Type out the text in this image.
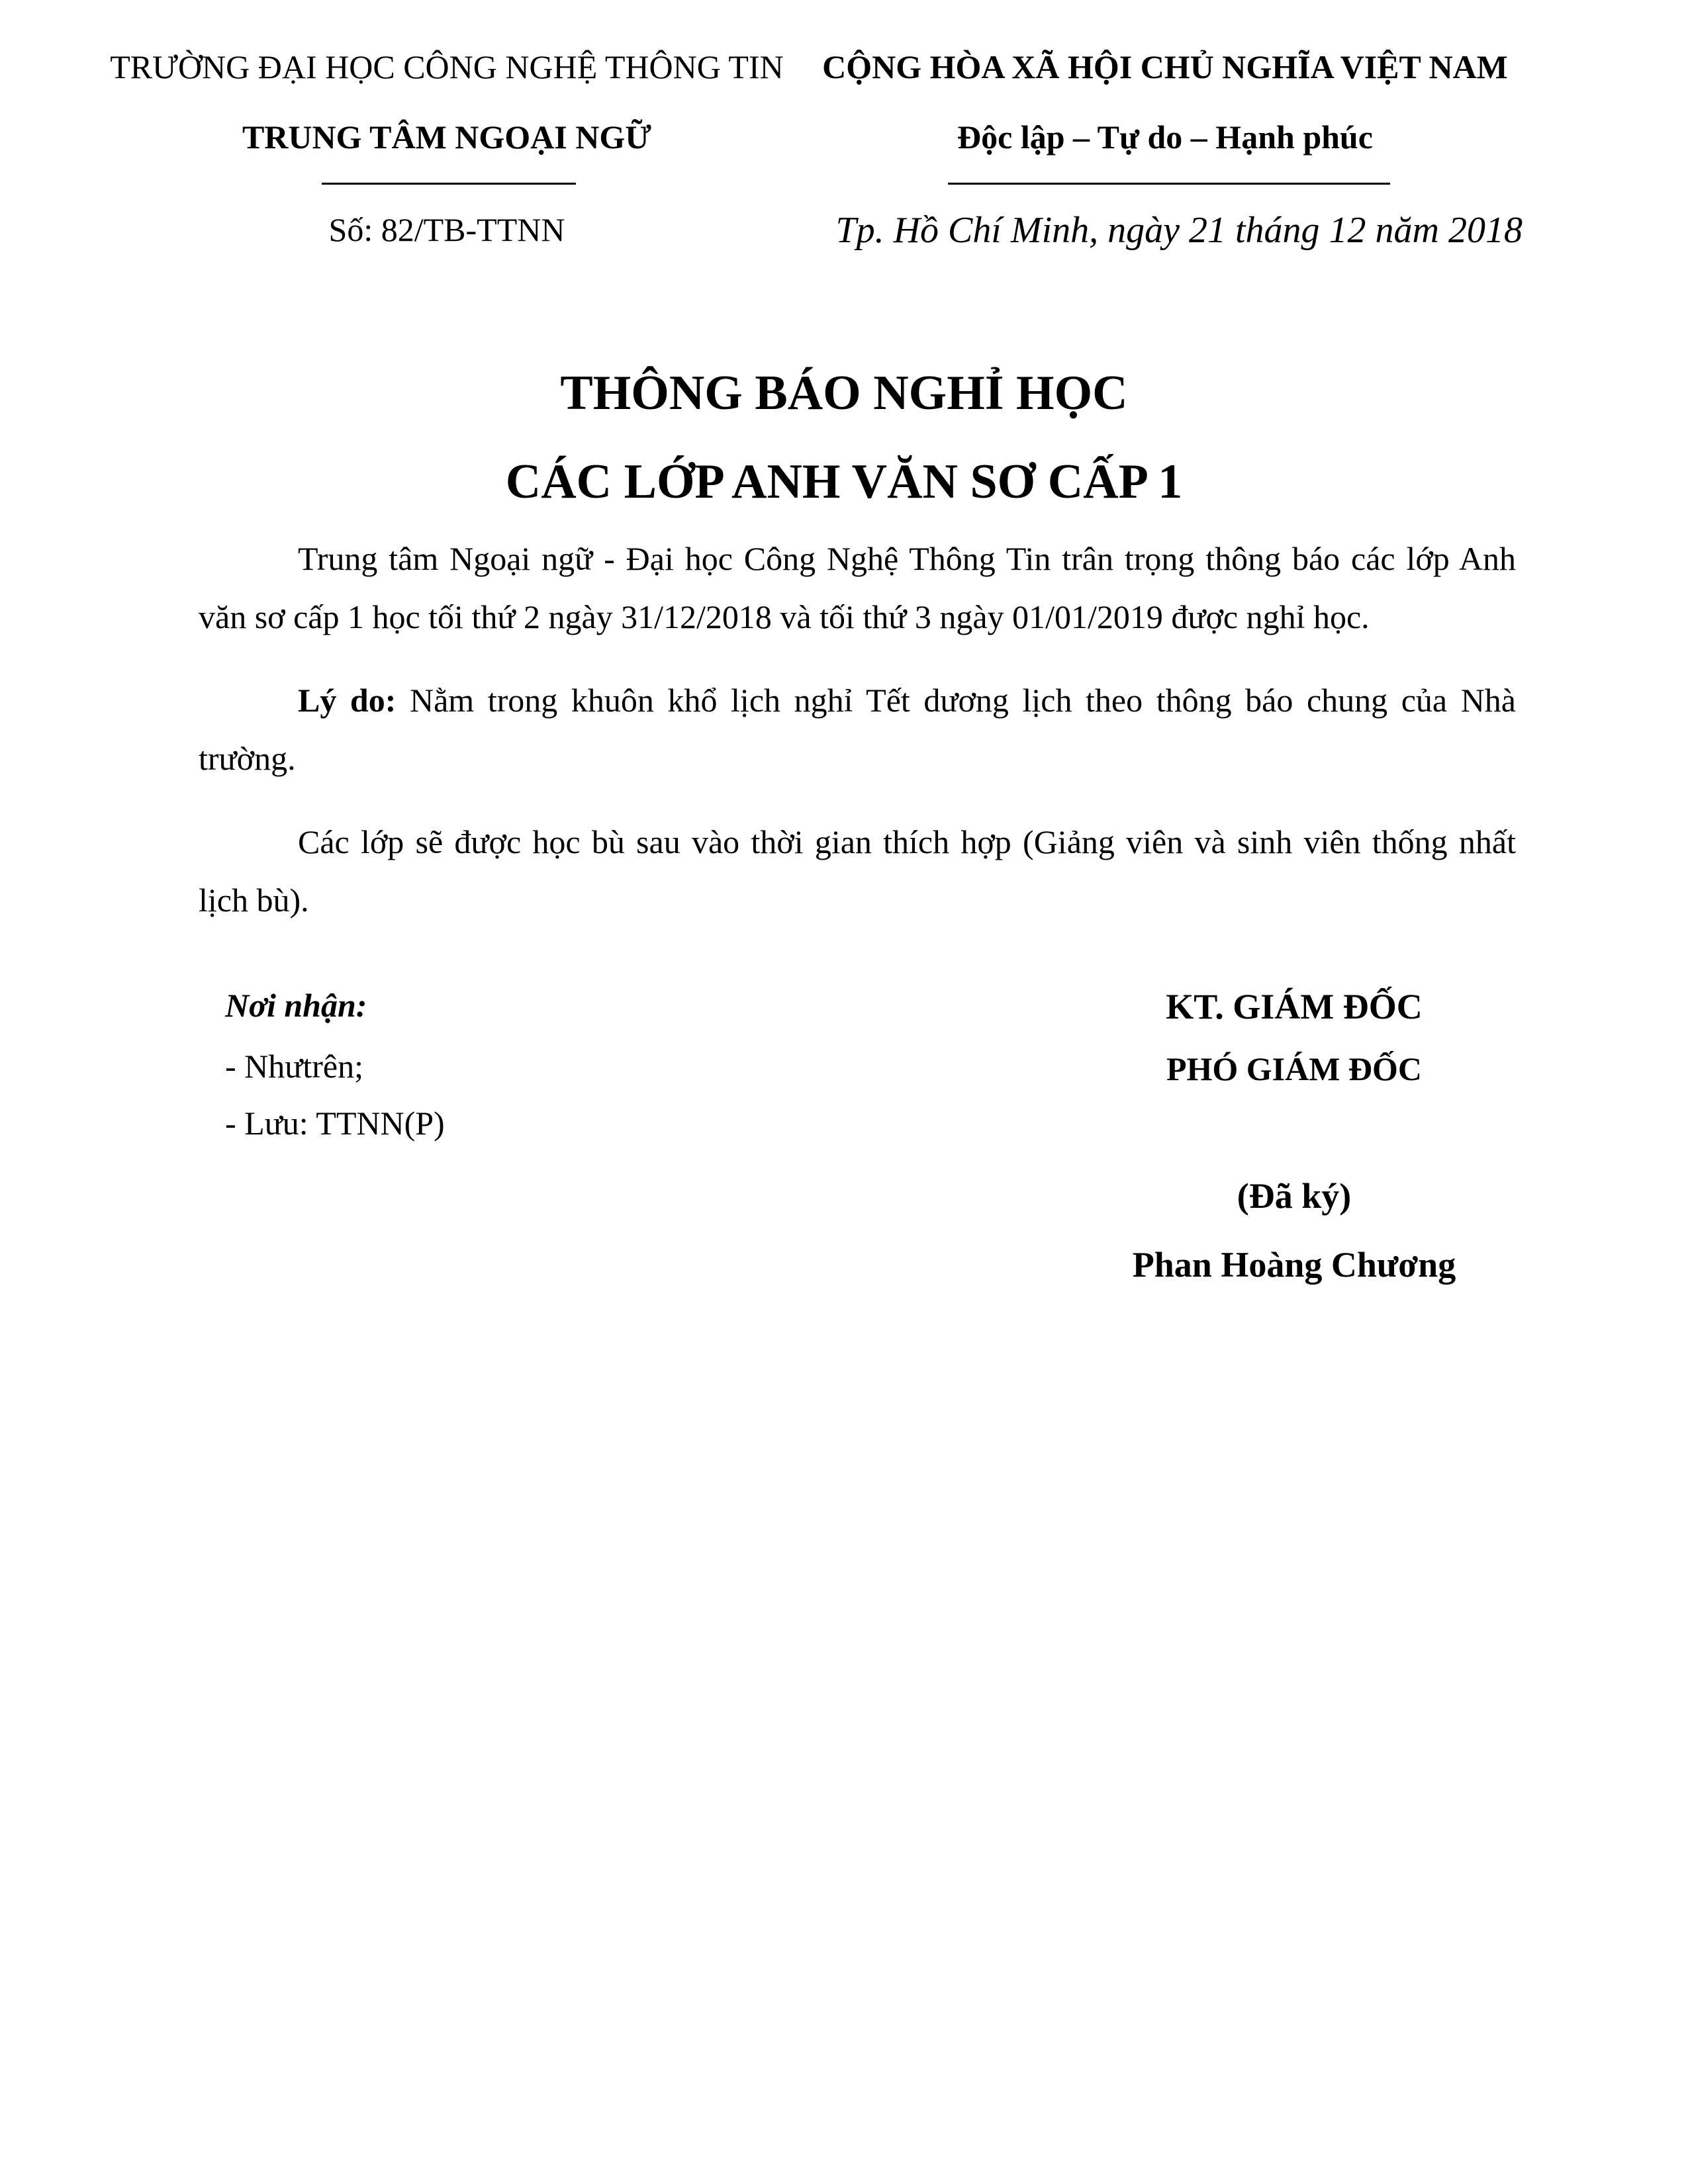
TRƯỜNG ĐẠI HỌC CÔNG NGHỆ THÔNG TIN
TRUNG TÂM NGOẠI NGỮ
Số: 82/TB-TTNN
CỘNG HÒA XÃ HỘI CHỦ NGHĨA VIỆT NAM
Độc lập – Tự do – Hạnh phúc
Tp. Hồ Chí Minh, ngày 21 tháng 12 năm 2018
THÔNG BÁO NGHỈ HỌC
CÁC LỚP ANH VĂN SƠ CẤP 1
Trung tâm Ngoại ngữ - Đại học Công Nghệ Thông Tin trân trọng thông báo các lớp Anh văn sơ cấp 1 học tối thứ 2 ngày 31/12/2018 và tối thứ 3 ngày 01/01/2019 được nghỉ học.
Lý do: Nằm trong khuôn khổ lịch nghỉ Tết dương lịch theo thông báo chung của Nhà trường.
Các lớp sẽ được học bù sau vào thời gian thích hợp (Giảng viên và sinh viên thống nhất lịch bù).
Nơi nhận:
- Nhưtrên;
- Lưu: TTNN(P)
KT. GIÁM ĐỐC
PHÓ GIÁM ĐỐC
(Đã ký)
Phan Hoàng Chương
